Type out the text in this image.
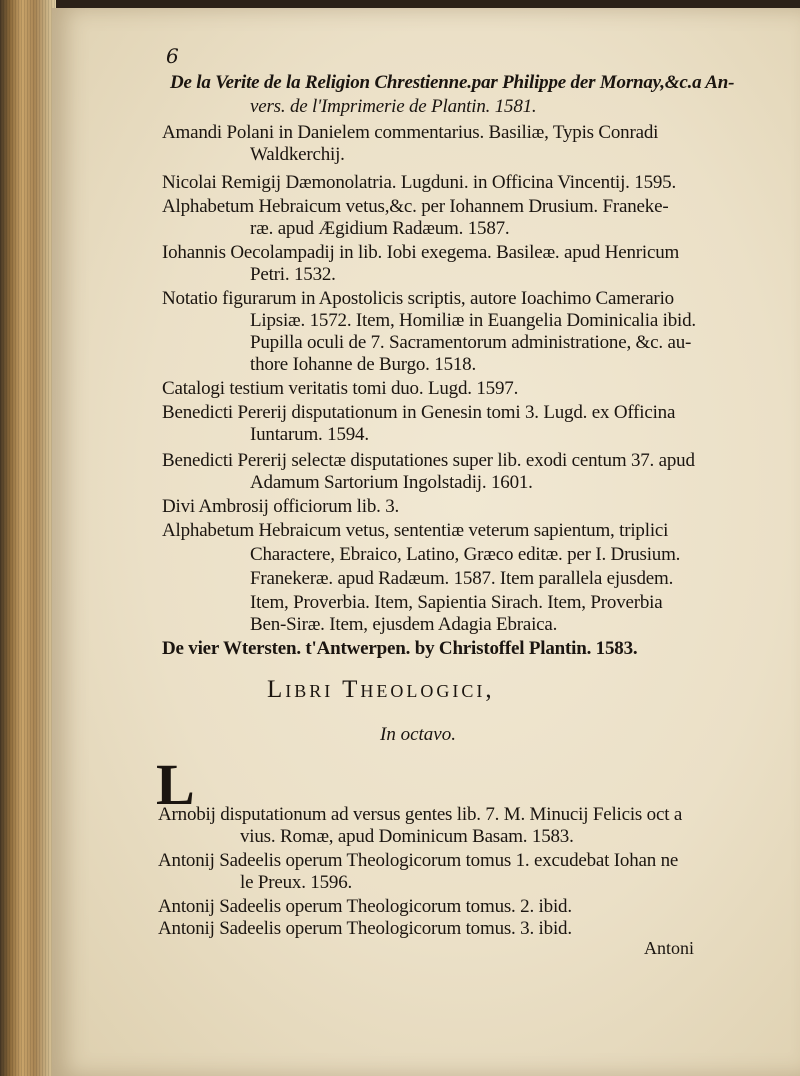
6
De la Verite de la Religion Chrestienne.par Philippe der Mornay,&c.a An-
vers. de l'Imprimerie de Plantin. 1581.
Amandi Polani in Danielem commentarius. Basiliæ, Typis Conradi
Waldkerchij.
Nicolai Remigij Dæmonolatria. Lugduni. in Officina Vincentij. 1595.
Alphabetum Hebraicum vetus,&c. per Iohannem Drusium. Franeke-
ræ. apud Ægidium Radæum. 1587.
Iohannis Oecolampadij in lib. Iobi exegema. Basileæ. apud Henricum
Petri. 1532.
Notatio figurarum in Apostolicis scriptis, autore Ioachimo Camerario
Lipsiæ. 1572. Item, Homiliæ in Euangelia Dominicalia ibid.
Pupilla oculi de 7. Sacramentorum administratione, &c. au-
thore Iohanne de Burgo. 1518.
Catalogi testium veritatis tomi duo. Lugd. 1597.
Benedicti Pererij disputationum in Genesin tomi 3. Lugd. ex Officina
Iuntarum. 1594.
Benedicti Pererij selectæ disputationes super lib. exodi centum 37. apud
Adamum Sartorium Ingolstadij. 1601.
Divi Ambrosij officiorum lib. 3.
Alphabetum Hebraicum vetus, sententiæ veterum sapientum, triplici
Charactere, Ebraico, Latino, Græco editæ. per I. Drusium.
Franekeræ. apud Radæum. 1587. Item parallela ejusdem.
Item, Proverbia. Item, Sapientia Sirach. Item, Proverbia
Ben-Siræ. Item, ejusdem Adagia Ebraica.
De vier Wtersten. t'Antwerpen. by Christoffel Plantin. 1583.
Libri Theologici,
In octavo.
L
Arnobij disputationum ad versus gentes lib. 7. M. Minucij Felicis oct a
vius. Romæ, apud Dominicum Basam. 1583.
Antonij Sadeelis operum Theologicorum tomus 1. excudebat Iohan ne
le Preux. 1596.
Antonij Sadeelis operum Theologicorum tomus. 2. ibid.
Antonij Sadeelis operum Theologicorum tomus. 3. ibid.
Antoni
